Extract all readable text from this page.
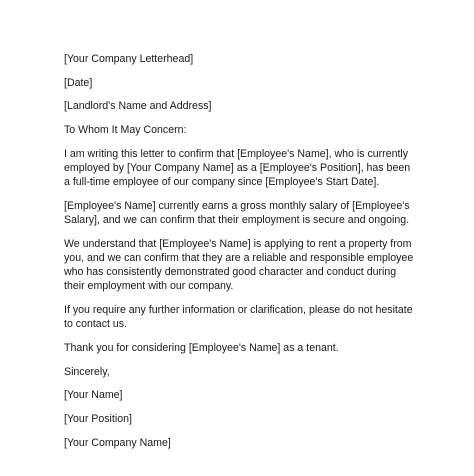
[Your Company Letterhead]

[Date]

[Landlord's Name and Address]

To Whom It May Concern:

I am writing this letter to confirm that [Employee's Name], who is currently employed by [Your Company Name] as a [Employee's Position], has been a full-time employee of our company since [Employee's Start Date].

[Employee's Name] currently earns a gross monthly salary of [Employee's Salary], and we can confirm that their employment is secure and ongoing.

We understand that [Employee's Name] is applying to rent a property from you, and we can confirm that they are a reliable and responsible employee who has consistently demonstrated good character and conduct during their employment with our company.

If you require any further information or clarification, please do not hesitate to contact us.

Thank you for considering [Employee's Name] as a tenant.

Sincerely,

[Your Name]

[Your Position]

[Your Company Name]
